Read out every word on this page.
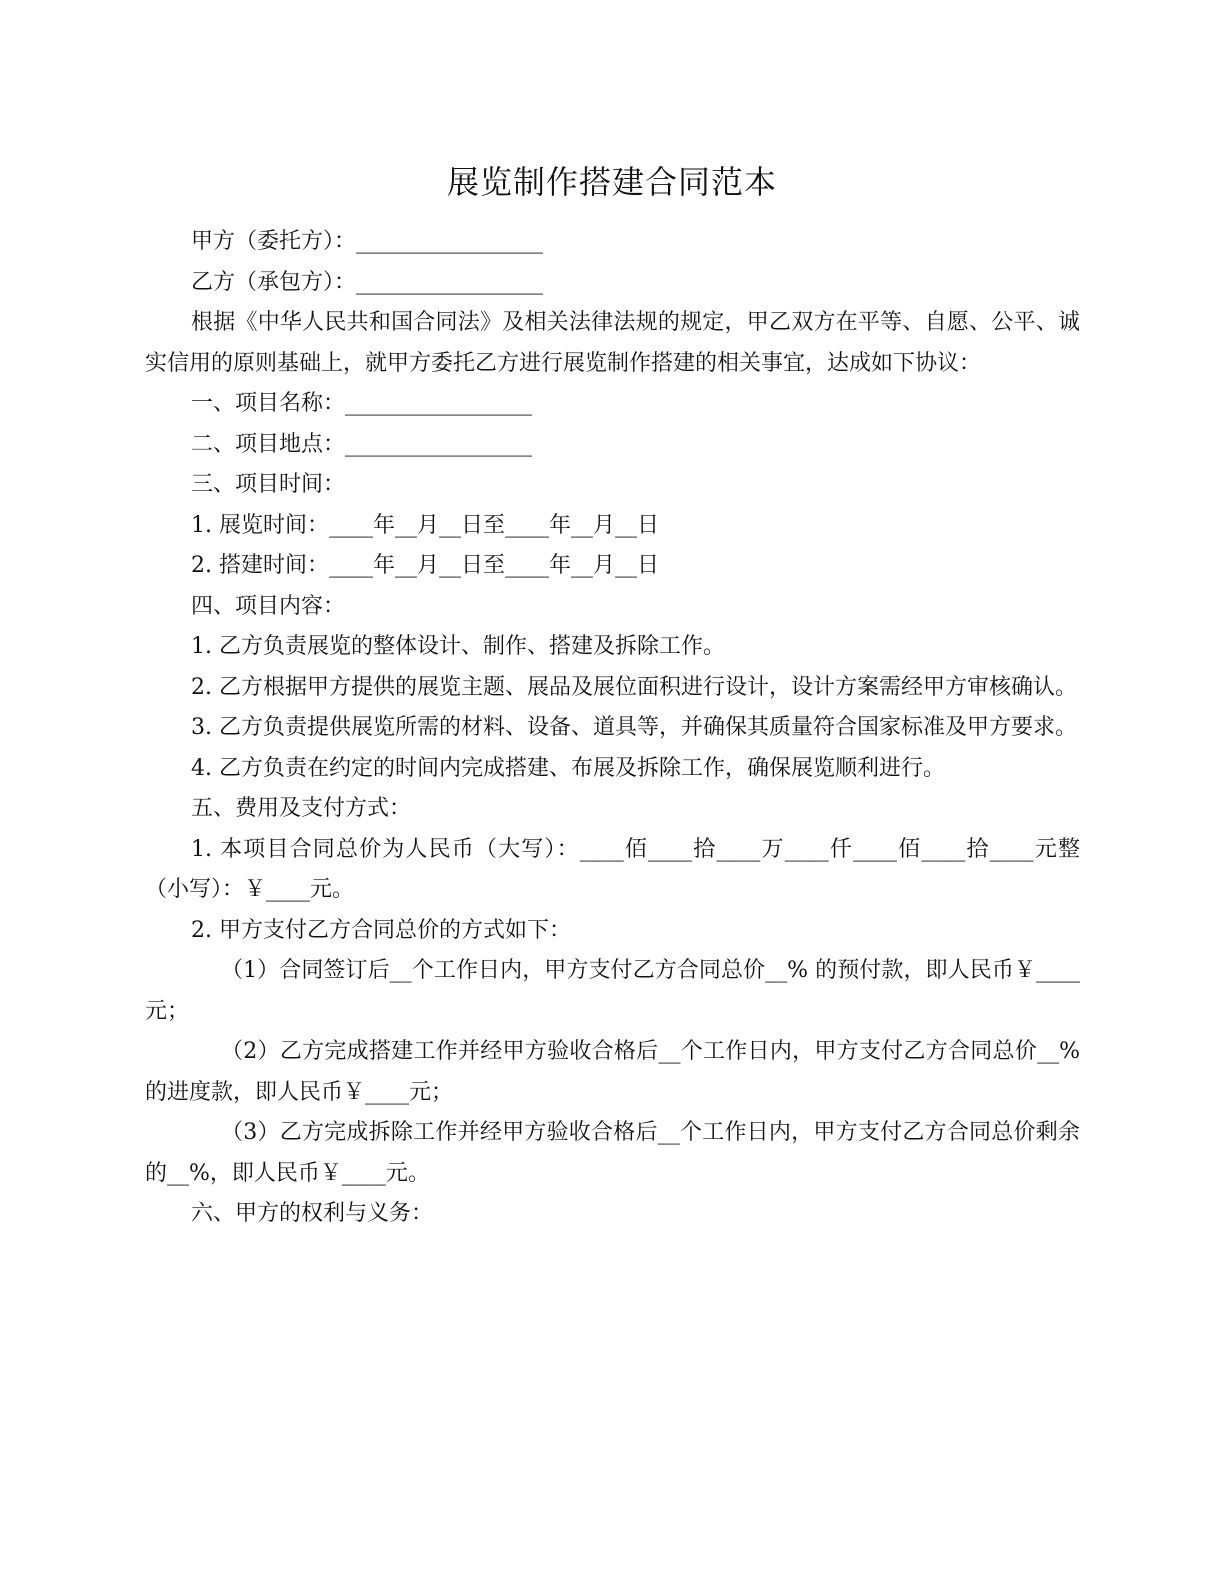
展览制作搭建合同范本

甲方（委托方）：_________________

乙方（承包方）：_________________

根据《中华人民共和国合同法》及相关法律法规的规定，甲乙双方在平等、自愿、公平、诚实信用的原则基础上，就甲方委托乙方进行展览制作搭建的相关事宜，达成如下协议：

一、项目名称：_________________

二、项目地点：_________________

三、项目时间：

1. 展览时间：____年__月__日至____年__月__日

2. 搭建时间：____年__月__日至____年__月__日

四、项目内容：

1. 乙方负责展览的整体设计、制作、搭建及拆除工作。

2. 乙方根据甲方提供的展览主题、展品及展位面积进行设计，设计方案需经甲方审核确认。

3. 乙方负责提供展览所需的材料、设备、道具等，并确保其质量符合国家标准及甲方要求。

4. 乙方负责在约定的时间内完成搭建、布展及拆除工作，确保展览顺利进行。

五、费用及支付方式：

1. 本项目合同总价为人民币（大写）：____佰____拾____万____仟____佰____拾____元整（小写）：￥____元。

2. 甲方支付乙方合同总价的方式如下：

（1）合同签订后__个工作日内，甲方支付乙方合同总价__% 的预付款，即人民币￥____元；

（2）乙方完成搭建工作并经甲方验收合格后__个工作日内，甲方支付乙方合同总价__% 的进度款，即人民币￥____元；

（3）乙方完成拆除工作并经甲方验收合格后__个工作日内，甲方支付乙方合同总价剩余的__%，即人民币￥____元。

六、甲方的权利与义务：
